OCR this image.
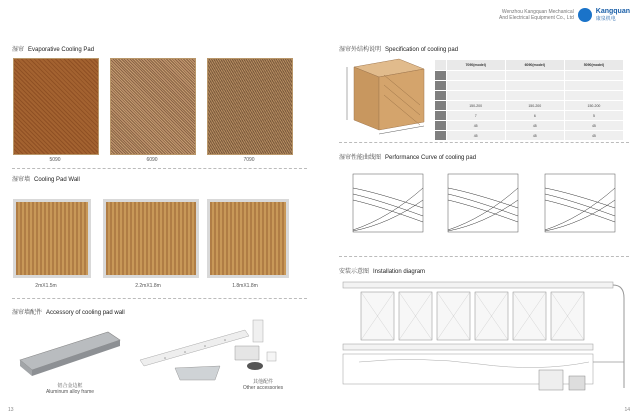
湿帘 Evaporative Cooling Pad
5090	6090	7090
湿帘墙 Cooling Pad Wall
2mX1.5m	2.2mX1.8m	1.8mX1.8m
湿帘墙配件 Accessory of cooling pad wall
铝合金边框
Aluminum alloy frame
其他配件
Other accessories
13
Wenzhou Kangquan Mechanical
And Electrical Equipment Co., Ltd
Kangquan
康泉机电
湿帘外结构说明 Specification of cooling pad
	7090(model)	6090(model)	5090(model)

	150-200	150-200	150-200
	7	6	5
	45	45	45
	45	45	45
湿帘性能曲线图 Performance Curve of cooling pad
安装示意图 Installation diagram
14
